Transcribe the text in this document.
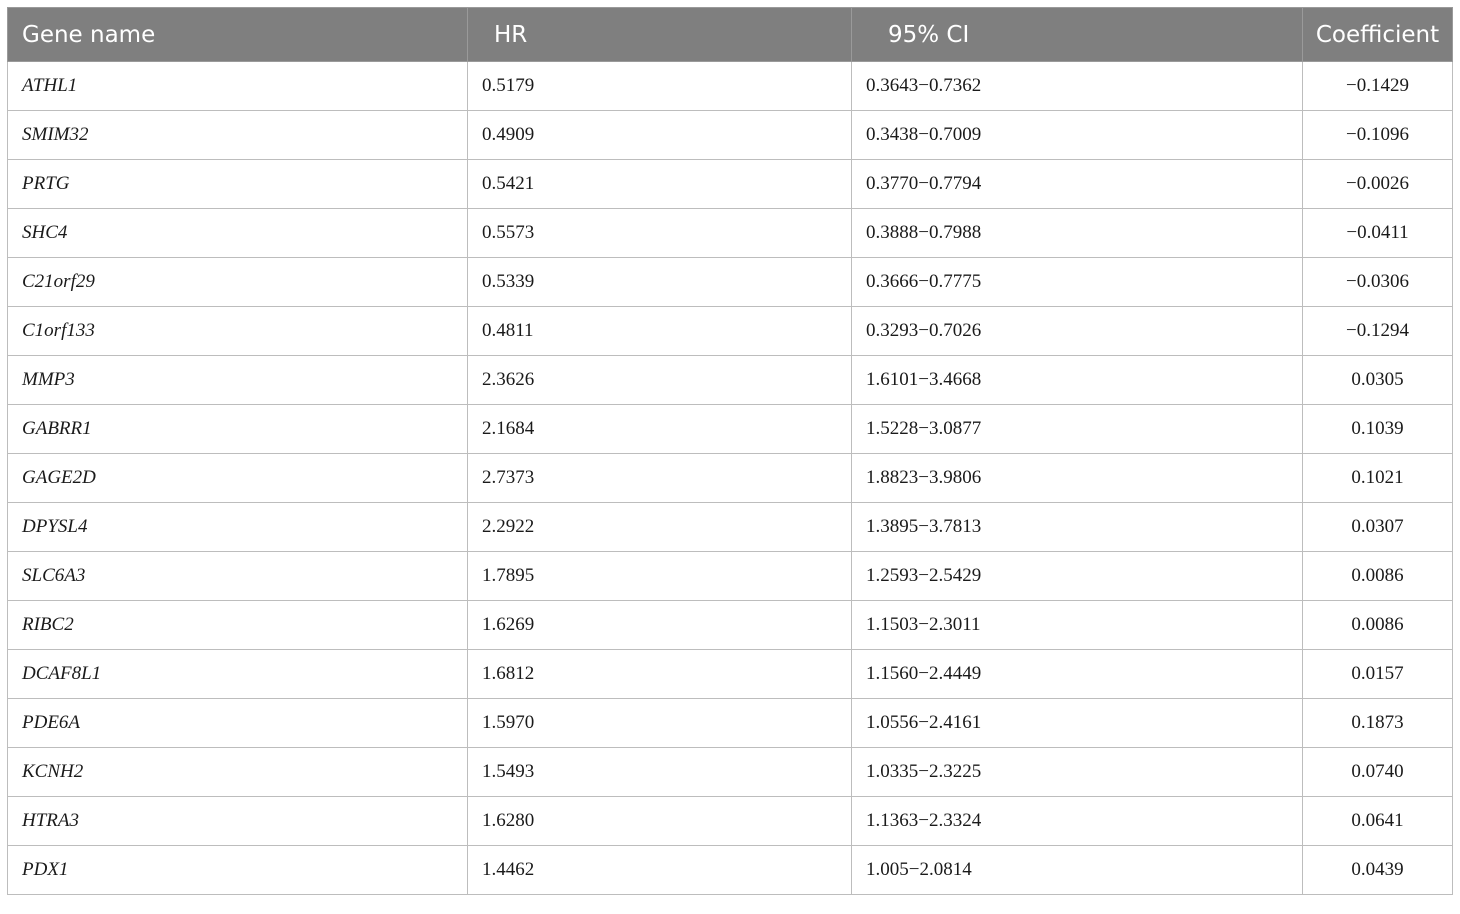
Gene name	HR	95% CI	Coefficient
ATHL1	0.5179	0.3643−0.7362	−0.1429
SMIM32	0.4909	0.3438−0.7009	−0.1096
PRTG	0.5421	0.3770−0.7794	−0.0026
SHC4	0.5573	0.3888−0.7988	−0.0411
C21orf29	0.5339	0.3666−0.7775	−0.0306
C1orf133	0.4811	0.3293−0.7026	−0.1294
MMP3	2.3626	1.6101−3.4668	0.0305
GABRR1	2.1684	1.5228−3.0877	0.1039
GAGE2D	2.7373	1.8823−3.9806	0.1021
DPYSL4	2.2922	1.3895−3.7813	0.0307
SLC6A3	1.7895	1.2593−2.5429	0.0086
RIBC2	1.6269	1.1503−2.3011	0.0086
DCAF8L1	1.6812	1.1560−2.4449	0.0157
PDE6A	1.5970	1.0556−2.4161	0.1873
KCNH2	1.5493	1.0335−2.3225	0.0740
HTRA3	1.6280	1.1363−2.3324	0.0641
PDX1	1.4462	1.005−2.0814	0.0439
